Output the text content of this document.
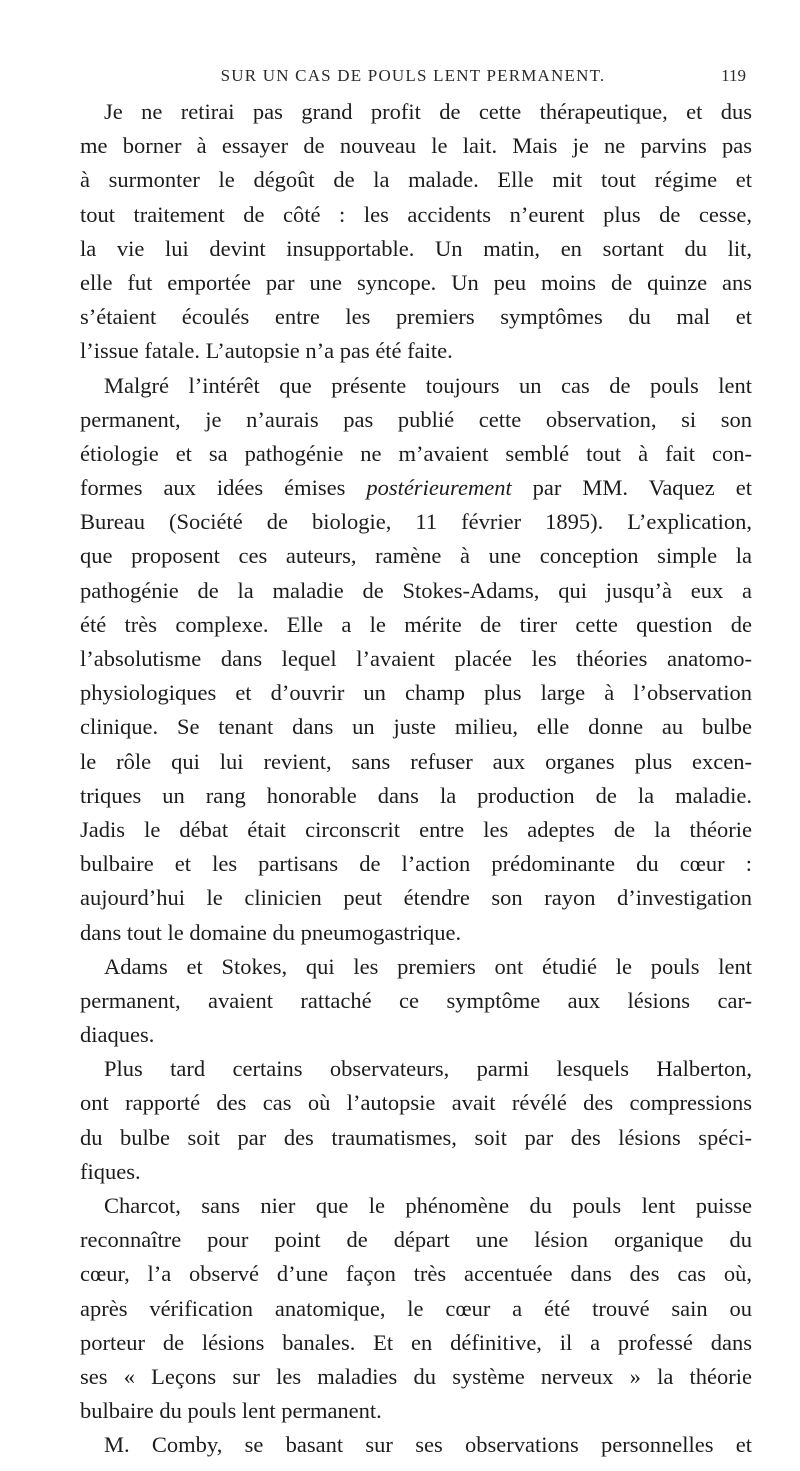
SUR UN CAS DE POULS LENT PERMANENT.	119

Je ne retirai pas grand profit de cette thérapeutique, et dus
me borner à essayer de nouveau le lait. Mais je ne parvins pas
à surmonter le dégoût de la malade. Elle mit tout régime et
tout traitement de côté : les accidents n’eurent plus de cesse,
la vie lui devint insupportable. Un matin, en sortant du lit,
elle fut emportée par une syncope. Un peu moins de quinze ans
s’étaient écoulés entre les premiers symptômes du mal et
l’issue fatale. L’autopsie n’a pas été faite.

Malgré l’intérêt que présente toujours un cas de pouls lent
permanent, je n’aurais pas publié cette observation, si son
étiologie et sa pathogénie ne m’avaient semblé tout à fait con-
formes aux idées émises postérieurement par MM. Vaquez et
Bureau (Société de biologie, 11 février 1895). L’explication,
que proposent ces auteurs, ramène à une conception simple la
pathogénie de la maladie de Stokes-Adams, qui jusqu’à eux a
été très complexe. Elle a le mérite de tirer cette question de
l’absolutisme dans lequel l’avaient placée les théories anatomo-
physiologiques et d’ouvrir un champ plus large à l’observation
clinique. Se tenant dans un juste milieu, elle donne au bulbe
le rôle qui lui revient, sans refuser aux organes plus excen-
triques un rang honorable dans la production de la maladie.
Jadis le débat était circonscrit entre les adeptes de la théorie
bulbaire et les partisans de l’action prédominante du cœur :
aujourd’hui le clinicien peut étendre son rayon d’investigation
dans tout le domaine du pneumogastrique.

Adams et Stokes, qui les premiers ont étudié le pouls lent
permanent, avaient rattaché ce symptôme aux lésions car-
diaques.

Plus tard certains observateurs, parmi lesquels Halberton,
ont rapporté des cas où l’autopsie avait révélé des compressions
du bulbe soit par des traumatismes, soit par des lésions spéci-
fiques.

Charcot, sans nier que le phénomène du pouls lent puisse
reconnaître pour point de départ une lésion organique du
cœur, l’a observé d’une façon très accentuée dans des cas où,
après vérification anatomique, le cœur a été trouvé sain ou
porteur de lésions banales. Et en définitive, il a professé dans
ses « Leçons sur les maladies du système nerveux » la théorie
bulbaire du pouls lent permanent.

M. Comby, se basant sur ses observations personnelles et
